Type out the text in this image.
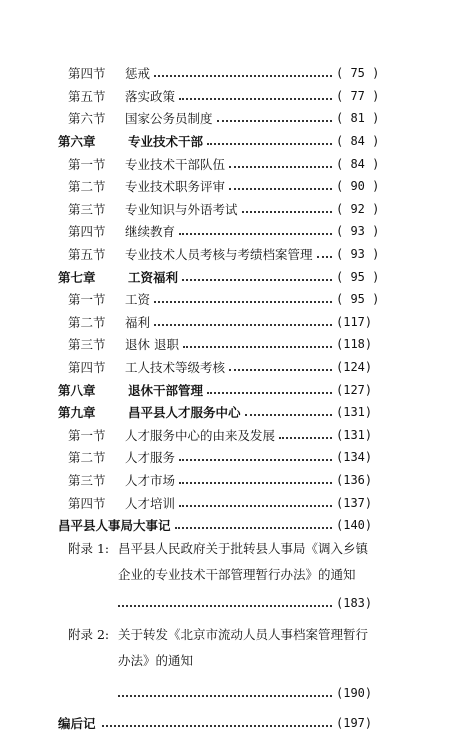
第四节 惩戒	( 75 )
第五节 落实政策	( 77 )
第六节 国家公务员制度	( 81 )
第六章	专业技术干部	( 84 )
第一节 专业技术干部队伍	( 84 )
第二节 专业技术职务评审	( 90 )
第三节 专业知识与外语考试	( 92 )
第四节 继续教育	( 93 )
第五节 专业技术人员考核与考绩档案管理 ( 93 )
第七章	工资福利	( 95 )
第一节 工资	( 95 )
第二节 福利	(117)
第三节 退休 退职	(118)
第四节 工人技术等级考核	(124)
第八章	退休干部管理	(127)
第九章	昌平县人才服务中心	(131)
第一节 人才服务中心的由来及发展	(131)
第二节 人才服务	(134)
第三节 人才市场	(136)
第四节 人才培训	(137)
昌平县人事局大事记	(140)
附录 1: 昌平县人民政府关于批转县人事局《调入乡镇
企业的专业技术干部管理暂行办法》的通知
(183)
附录 2: 关于转发《北京市流动人员人事档案管理暂行
办法》的通知
(190)
编后记	(197)
